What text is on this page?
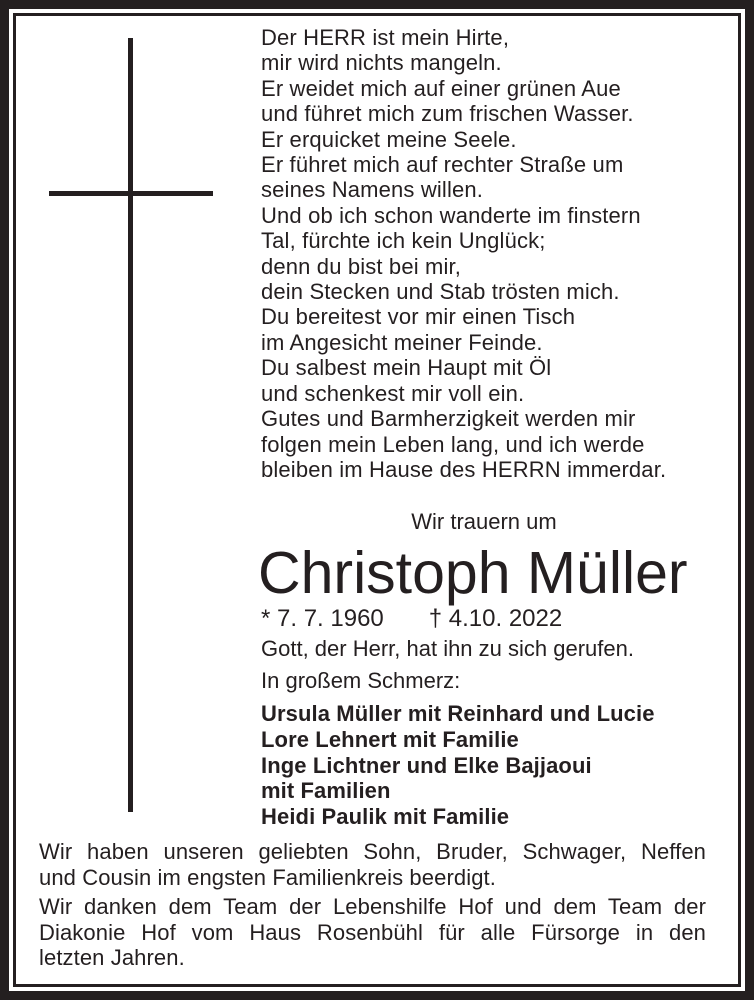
Der HERR ist mein Hirte,
mir wird nichts mangeln.
Er weidet mich auf einer grünen Aue
und führet mich zum frischen Wasser.
Er erquicket meine Seele.
Er führet mich auf rechter Straße um
seines Namens willen.
Und ob ich schon wanderte im finstern
Tal, fürchte ich kein Unglück;
denn du bist bei mir,
dein Stecken und Stab trösten mich.
Du bereitest vor mir einen Tisch
im Angesicht meiner Feinde.
Du salbest mein Haupt mit Öl
und schenkest mir voll ein.
Gutes und Barmherzigkeit werden mir
folgen mein Leben lang, und ich werde
bleiben im Hause des HERRN immerdar.
Wir trauern um
Christoph Müller
* 7. 7. 1960 † 4.10. 2022
Gott, der Herr, hat ihn zu sich gerufen.
In großem Schmerz:
Ursula Müller mit Reinhard und Lucie
Lore Lehnert mit Familie
Inge Lichtner und Elke Bajjaoui
mit Familien
Heidi Paulik mit Familie
Wir haben unseren geliebten Sohn, Bruder, Schwager, Neffen
und Cousin im engsten Familienkreis beerdigt.
Wir danken dem Team der Lebenshilfe Hof und dem Team der
Diakonie Hof vom Haus Rosenbühl für alle Fürsorge in den
letzten Jahren.
